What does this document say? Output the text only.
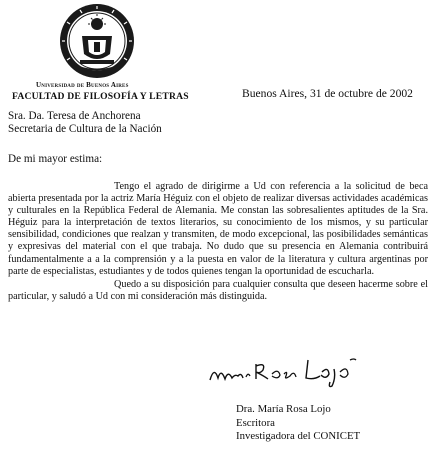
Universidad de Buenos Aires
FACULTAD DE FILOSOFÍA Y LETRAS	Buenos Aires, 31 de octubre de 2002
Sra. Da. Teresa de Anchorena
Secretaria de Cultura de la Nación
De mi mayor estima:

Tengo el agrado de dirigirme a Ud con referencia a la solicitud de beca abierta presentada por la actriz María Héguiz con el objeto de realizar diversas actividades académicas y culturales en la República Federal de Alemania. Me constan las sobresalientes aptitudes de la Sra. Héguiz para la interpretación de textos literarios, su conocimiento de los mismos, y su particular sensibilidad, condiciones que realzan y transmiten, de modo excepcional, las posibilidades semánticas y expresivas del material con el que trabaja. No dudo que su presencia en Alemania contribuirá fundamentalmente a a la comprensión y a la puesta en valor de la literatura y cultura argentinas por parte de especialistas, estudiantes y de todos quienes tengan la oportunidad de escucharla.

Quedo a su disposición para cualquier consulta que deseen hacerme sobre el particular, y saludó a Ud con mi consideración más distinguida.

Dra. María Rosa Lojo
Escritora
Investigadora del CONICET
